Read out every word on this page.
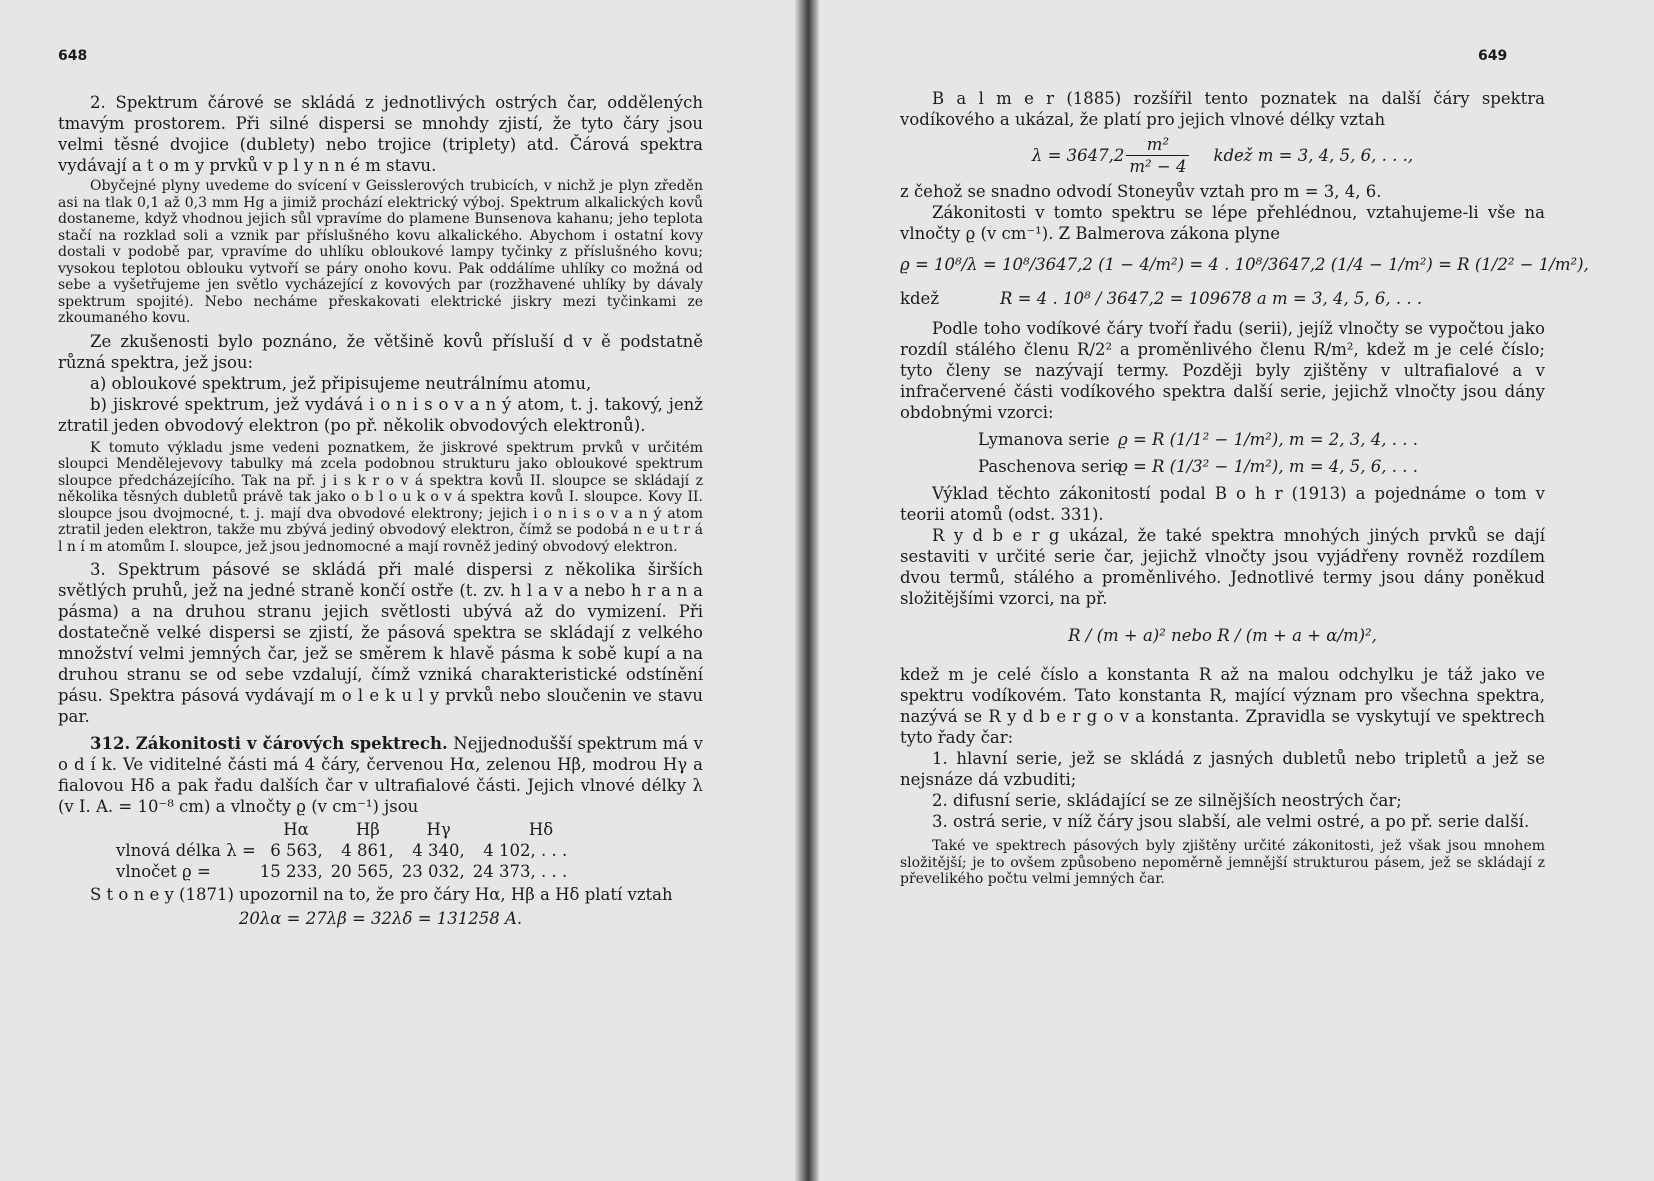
648

2. Spektrum čárové se skládá z jednotlivých ostrých čar, oddělených tmavým prostorem. Při silné dispersi se mnohdy zjistí, že tyto čáry jsou velmi těsné dvojice (dublety) nebo trojice (triplety) atd. Čárová spektra vydávají a t o m y prvků v p l y n n é m stavu.

Obyčejné plyny uvedeme do svícení v Geisslerových trubicích, v nichž je plyn zředěn asi na tlak 0,1 až 0,3 mm Hg a jimiž prochází elektrický výboj. Spektrum alkalických kovů dostaneme, když vhodnou jejich sůl vpravíme do plamene Bunsenova kahanu; jeho teplota stačí na rozklad soli a vznik par příslušného kovu alkalického. Abychom i ostatní kovy dostali v podobě par, vpravíme do uhlíku obloukové lampy tyčinky z příslušného kovu; vysokou teplotou oblouku vytvoří se páry onoho kovu. Pak oddálíme uhlíky co možná od sebe a vyšetřujeme jen světlo vycházející z kovových par (rozžhavené uhlíky by dávaly spektrum spojité). Nebo necháme přeskakovati elektrické jiskry mezi tyčinkami ze zkoumaného kovu.

Ze zkušenosti bylo poznáno, že většině kovů přísluší d v ě podstatně různá spektra, jež jsou:

a) obloukové spektrum, jež připisujeme neutrálnímu atomu,

b) jiskrové spektrum, jež vydává i o n i s o v a n ý atom, t. j. takový, jenž ztratil jeden obvodový elektron (po př. několik obvodových elektronů).

K tomuto výkladu jsme vedeni poznatkem, že jiskrové spektrum prvků v určitém sloupci Mendělejevovy tabulky má zcela podobnou strukturu jako obloukové spektrum sloupce předcházejícího. Tak na př. j i s k r o v á spektra kovů II. sloupce se skládají z několika těsných dubletů právě tak jako o b l o u k o v á spektra kovů I. sloupce. Kovy II. sloupce jsou dvojmocné, t. j. mají dva obvodové elektrony; jejich i o n i s o v a n ý atom ztratil jeden elektron, takže mu zbývá jediný obvodový elektron, čímž se podobá n e u t r á l n í m atomům I. sloupce, jež jsou jednomocné a mají rovněž jediný obvodový elektron.

3. Spektrum pásové se skládá při malé dispersi z několika širších světlých pruhů, jež na jedné straně končí ostře (t. zv. h l a v a nebo h r a n a pásma) a na druhou stranu jejich světlosti ubývá až do vymizení. Při dostatečně velké dispersi se zjistí, že pásová spektra se skládají z velkého množství velmi jemných čar, jež se směrem k hlavě pásma k sobě kupí a na druhou stranu se od sebe vzdalují, čímž vzniká charakteristické odstínění pásu. Spektra pásová vydávají m o l e k u l y prvků nebo sloučenin ve stavu par.

312. Zákonitosti v čárových spektrech. Nejjednodušší spektrum má v o d í k. Ve viditelné části má 4 čáry, červenou Hα, zelenou Hβ, modrou Hγ a fialovou Hδ a pak řadu dalších čar v ultrafialové části. Jejich vlnové délky λ (v I. A. = 10⁻⁸ cm) a vlnočty ϱ (v cm⁻¹) jsou

	Hα	Hβ	Hγ	Hδ
vlnová délka λ =	6 563,	4 861,	4 340,	4 102, . . .
vlnočet ϱ =	15 233,	20 565,	23 032,	24 373, . . .

S t o n e y (1871) upozornil na to, že pro čáry Hα, Hβ a Hδ platí vztah

20λα = 27λβ = 32λδ = 131258 A.

649

B a l m e r (1885) rozšířil tento poznatek na další čáry spektra vodíkového a ukázal, že platí pro jejich vlnové délky vztah

$\lambda = 3647,2 \frac{\text{m²}}{\text{m² − 4}}$ kdež m = 3, 4, 5, 6, . . .,

z čehož se snadno odvodí Stoneyův vztah pro m = 3, 4, 6.

Zákonitosti v tomto spektru se lépe přehlédnou, vztahujeme-li vše na vlnočty ϱ (v cm⁻¹). Z Balmerova zákona plyne

ϱ = 10⁸/λ = 10⁸/3647,2 (1 − 4/m²) = 4 . 10⁸/3647,2 (1/4 − 1/m²) = R (1/2² − 1/m²),

kdež	R = 4 . 10⁸ / 3647,2 = 109678 a m = 3, 4, 5, 6, . . .

Podle toho vodíkové čáry tvoří řadu (serii), jejíž vlnočty se vypočtou jako rozdíl stálého členu R/2² a proměnlivého členu R/m², kdež m je celé číslo; tyto členy se nazývají termy. Později byly zjištěny v ultrafialové a v infračervené části vodíkového spektra další serie, jejichž vlnočty jsou dány obdobnými vzorci:

Lymanova serie ϱ = R (1/1² − 1/m²), m = 2, 3, 4, . . .
Paschenova serie
ϱ = R (1/3² − 1/m²), m = 4, 5, 6, . . .

Výklad těchto zákonitostí podal B o h r (1913) a pojednáme o tom v teorii atomů (odst. 331).

R y d b e r g ukázal, že také spektra mnohých jiných prvků se dají sestaviti v určité serie čar, jejichž vlnočty jsou vyjádřeny rovněž rozdílem dvou termů, stálého a proměnlivého. Jednotlivé termy jsou dány poněkud složitějšími vzorci, na př.

R / (m + a)² nebo R / (m + a + α/m)²,

kdež m je celé číslo a konstanta R až na malou odchylku je táž jako ve spektru vodíkovém. Tato konstanta R, mající význam pro všechna spektra, nazývá se R y d b e r g o v a konstanta. Zpravidla se vyskytují ve spektrech tyto řady čar:

1. hlavní serie, jež se skládá z jasných dubletů nebo tripletů a jež se nejsnáze dá vzbuditi;

2. difusní serie, skládající se ze silnějších neostrých čar;

3. ostrá serie, v níž čáry jsou slabší, ale velmi ostré, a po př. serie další.

Také ve spektrech pásových byly zjištěny určité zákonitosti, jež však jsou mnohem složitější; je to ovšem způsobeno nepoměrně jemnější strukturou pásem, jež se skládají z převelikého počtu velmi jemných čar.
